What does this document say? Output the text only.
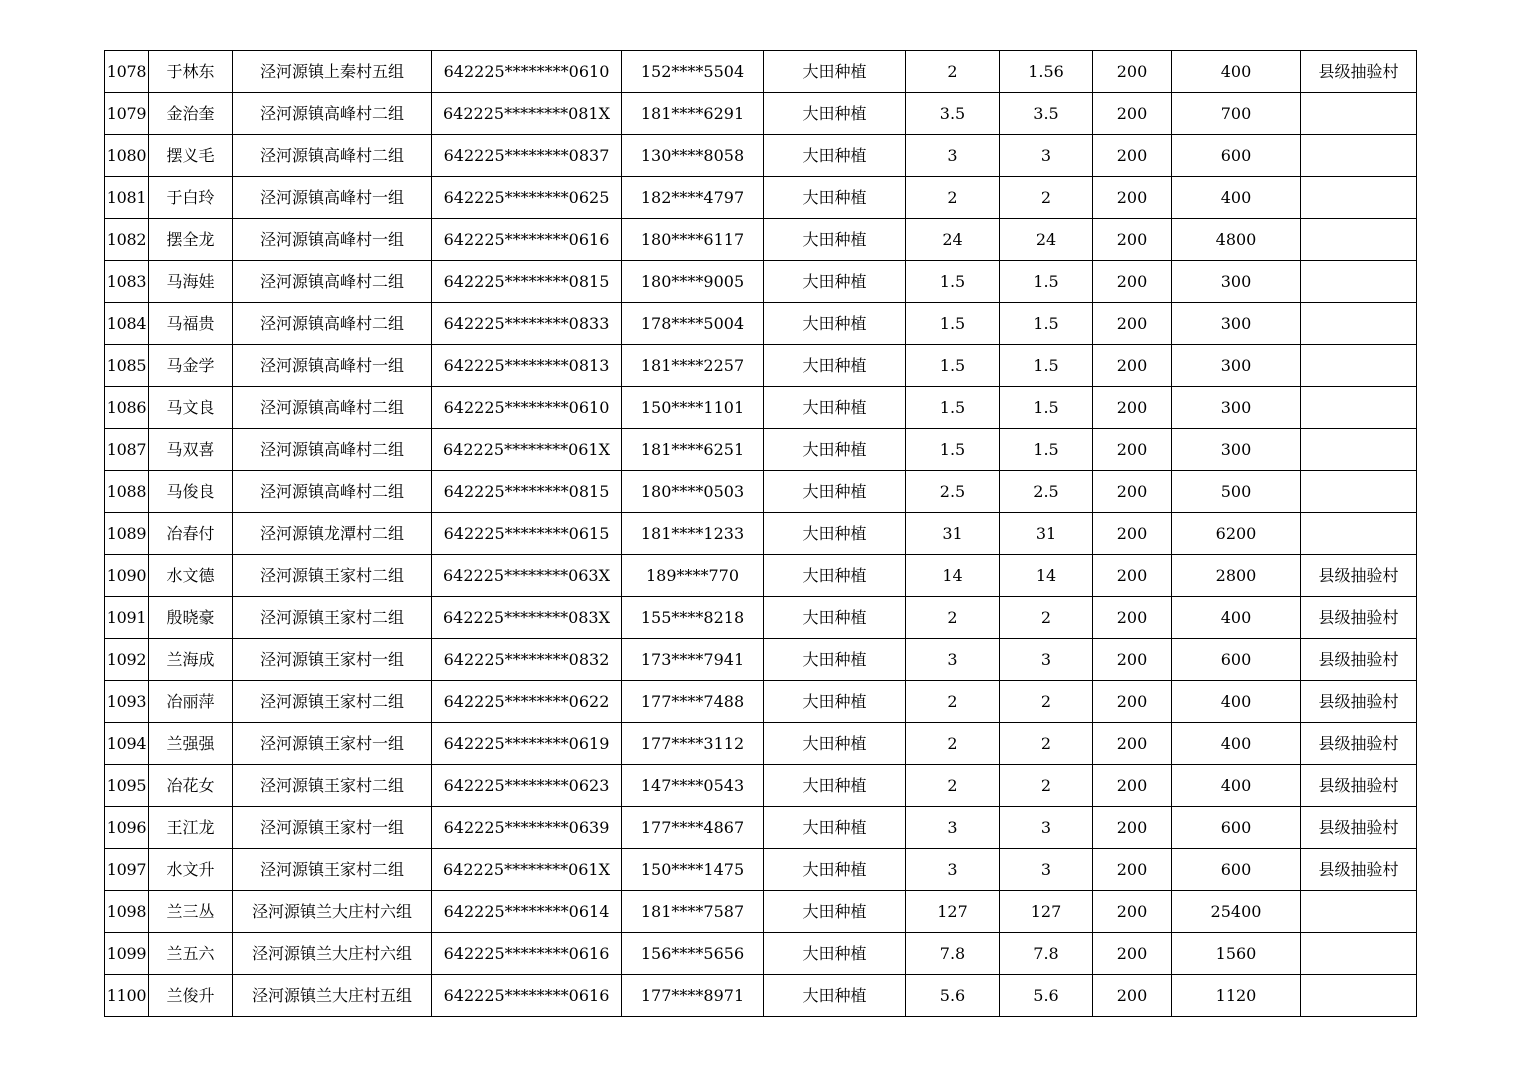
1078	于林东	泾河源镇上秦村五组	642225********0610	152****5504	大田种植	2	1.56	200	400	县级抽验村
1079	金治奎	泾河源镇高峰村二组	642225********081X	181****6291	大田种植	3.5	3.5	200	700	
1080	摆义毛	泾河源镇高峰村二组	642225********0837	130****8058	大田种植	3	3	200	600	
1081	于白玲	泾河源镇高峰村一组	642225********0625	182****4797	大田种植	2	2	200	400	
1082	摆全龙	泾河源镇高峰村一组	642225********0616	180****6117	大田种植	24	24	200	4800	
1083	马海娃	泾河源镇高峰村二组	642225********0815	180****9005	大田种植	1.5	1.5	200	300	
1084	马福贵	泾河源镇高峰村二组	642225********0833	178****5004	大田种植	1.5	1.5	200	300	
1085	马金学	泾河源镇高峰村一组	642225********0813	181****2257	大田种植	1.5	1.5	200	300	
1086	马文良	泾河源镇高峰村二组	642225********0610	150****1101	大田种植	1.5	1.5	200	300	
1087	马双喜	泾河源镇高峰村二组	642225********061X	181****6251	大田种植	1.5	1.5	200	300	
1088	马俊良	泾河源镇高峰村二组	642225********0815	180****0503	大田种植	2.5	2.5	200	500	
1089	冶春付	泾河源镇龙潭村二组	642225********0615	181****1233	大田种植	31	31	200	6200	
1090	水文德	泾河源镇王家村二组	642225********063X	189****770	大田种植	14	14	200	2800	县级抽验村
1091	殷晓豪	泾河源镇王家村二组	642225********083X	155****8218	大田种植	2	2	200	400	县级抽验村
1092	兰海成	泾河源镇王家村一组	642225********0832	173****7941	大田种植	3	3	200	600	县级抽验村
1093	冶丽萍	泾河源镇王家村二组	642225********0622	177****7488	大田种植	2	2	200	400	县级抽验村
1094	兰强强	泾河源镇王家村一组	642225********0619	177****3112	大田种植	2	2	200	400	县级抽验村
1095	冶花女	泾河源镇王家村二组	642225********0623	147****0543	大田种植	2	2	200	400	县级抽验村
1096	王江龙	泾河源镇王家村一组	642225********0639	177****4867	大田种植	3	3	200	600	县级抽验村
1097	水文升	泾河源镇王家村二组	642225********061X	150****1475	大田种植	3	3	200	600	县级抽验村
1098	兰三丛	泾河源镇兰大庄村六组	642225********0614	181****7587	大田种植	127	127	200	25400	
1099	兰五六	泾河源镇兰大庄村六组	642225********0616	156****5656	大田种植	7.8	7.8	200	1560	
1100	兰俊升	泾河源镇兰大庄村五组	642225********0616	177****8971	大田种植	5.6	5.6	200	1120	
